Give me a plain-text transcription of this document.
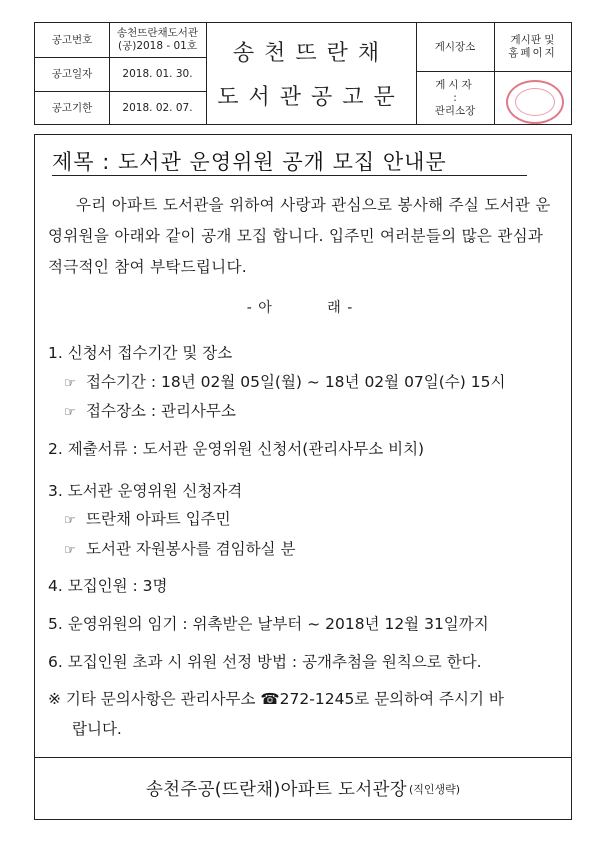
공고번호
송천뜨란채도서관
(공)2018 - 01호
공고일자	2018. 01. 30.
공고기한	2018. 02. 07.
송천뜨란채
도서관공고문
게시장소
게시판 및
홈페이지
게시자
:
관리소장
제목 : 도서관 운영위원 공개 모집 안내문
우리 아파트 도서관을 위하여 사랑과 관심으로 봉사해 주실 도서관 운영위원을 아래와 같이 공개 모집 합니다. 입주민 여러분들의 많은 관심과 적극적인 참여 부탁드립니다.
- 아          래 -
1. 신청서 접수기간 및 장소
☞ 접수기간 : 18년 02월 05일(월) ~ 18년 02월 07일(수) 15시
☞ 접수장소 : 관리사무소
2. 제출서류 : 도서관 운영위원 신청서(관리사무소 비치)
3. 도서관 운영위원 신청자격
☞ 뜨란채 아파트 입주민
☞ 도서관 자원봉사를 겸임하실 분
4. 모집인원 : 3명
5. 운영위원의 임기 : 위촉받은 날부터 ~ 2018년 12월 31일까지
6. 모집인원 초과 시 위원 선정 방법 : 공개추첨을 원칙으로 한다.
※ 기타 문의사항은 관리사무소 ☎272-1245로 문의하여 주시기 바
랍니다.
송천주공(뜨란채)아파트 도서관장 (직인생략)
